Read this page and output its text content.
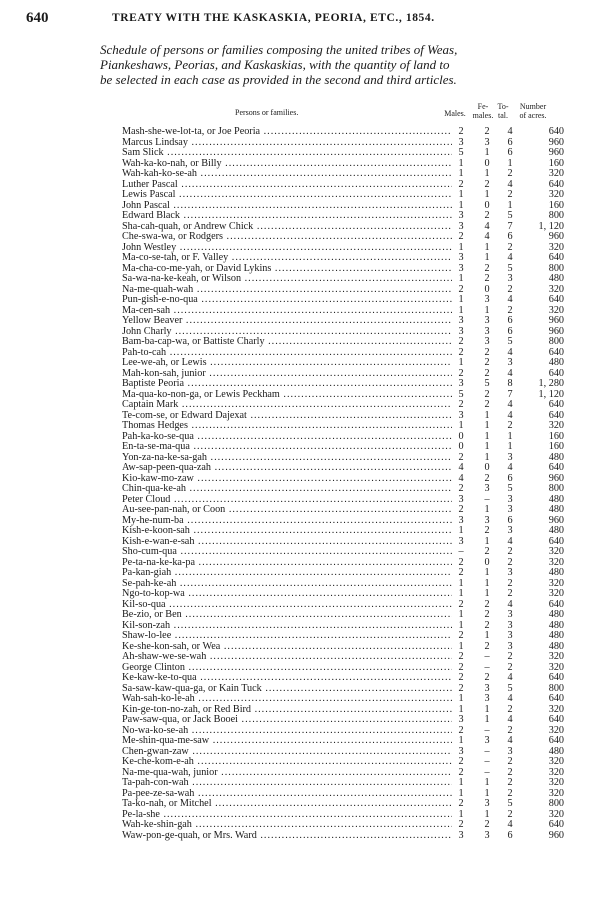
640	TREATY WITH THE KASKASKIA, PEORIA, ETC., 1854.
Schedule of persons or families composing the united tribes of Weas,
Piankeshaws, Peorias, and Kaskaskias, with the quantity of land to
be selected in each case as provided in the second and third articles.
Persons or families.	Males.
Fe-
males.
To-
tal.
Number
of acres.
Mash-she-we-lot-ta, or Joe Peoria .....	2	2	4	640
Marcus Lindsay .....	3	3	6	960
Sam Slick .....	5	1	6	960
Wah-ka-ko-nah, or Billy .....	1	0	1	160
Wah-kah-ko-se-ah .....	1	1	2	320
Luther Pascal .....	2	2	4	640
Lewis Pascal .....	1	1	2	320
John Pascal .....	1	0	1	160
Edward Black .....	3	2	5	800
Sha-cah-quah, or Andrew Chick .....	3	4	7	1, 120
Che-swa-wa, or Rodgers .....	2	4	6	960
John Westley .....	1	1	2	320
Ma-co-se-tah, or F. Valley .....	3	1	4	640
Ma-cha-co-me-yah, or David Lykins .....	3	2	5	800
Sa-wa-na-ke-keah, or Wilson .....	1	2	3	480
Na-me-quah-wah .....	2	0	2	320
Pun-gish-e-no-qua .....	1	3	4	640
Ma-cen-sah .....	1	1	2	320
Yellow Beaver .....	3	3	6	960
John Charly .....	3	3	6	960
Bam-ba-cap-wa, or Battiste Charly .....	2	3	5	800
Pah-to-cah .....	2	2	4	640
Lee-we-ah, or Lewis .....	1	2	3	480
Mah-kon-sah, junior .....	2	2	4	640
Baptiste Peoria .....	3	5	8	1, 280
Ma-qua-ko-non-ga, or Lewis Peckham .....	5	2	7	1, 120
Captain Mark .....	2	2	4	640
Te-com-se, or Edward Dajexat .....	3	1	4	640
Thomas Hedges .....	1	1	2	320
Pah-ka-ko-se-qua .....	0	1	1	160
En-ta-se-ma-qua .....	0	1	1	160
Yon-za-na-ke-sa-gah .....	2	1	3	480
Aw-sap-peen-qua-zah .....	4	0	4	640
Kio-kaw-mo-zaw .....	4	2	6	960
Chin-qua-ke-ah .....	2	3	5	800
Peter Cloud .....	3	–	3	480
Au-see-pan-nah, or Coon .....	2	1	3	480
My-he-num-ba .....	3	3	6	960
Kish-e-koon-sah .....	1	2	3	480
Kish-e-wan-e-sah .....	3	1	4	640
Sho-cum-qua .....	–	2	2	320
Pe-ta-na-ke-ka-pa .....	2	0	2	320
Pa-kan-giah .....	2	1	3	480
Se-pah-ke-ah .....	1	1	2	320
Ngo-to-kop-wa .....	1	1	2	320
Kil-so-qua .....	2	2	4	640
Be-zio, or Ben .....	1	2	3	480
Kil-son-zah .....	1	2	3	480
Shaw-lo-lee .....	2	1	3	480
Ke-she-kon-sah, or Wea .....	1	2	3	480
Ah-shaw-we-se-wah .....	2	–	2	320
George Clinton .....	2	–	2	320
Ke-kaw-ke-to-qua .....	2	2	4	640
Sa-saw-kaw-qua-ga, or Kain Tuck .....	2	3	5	800
Wah-sah-ko-le-ah .....	1	3	4	640
Kin-ge-ton-no-zah, or Red Bird .....	1	1	2	320
Paw-saw-qua, or Jack Booei .....	3	1	4	640
No-wa-ko-se-ah .....	2	–	2	320
Me-shin-qua-me-saw .....	1	3	4	640
Chen-gwan-zaw .....	3	–	3	480
Ke-che-kom-e-ah .....	2	–	2	320
Na-me-qua-wah, junior .....	2	–	2	320
Ta-pah-con-wah .....	1	1	2	320
Pa-pee-ze-sa-wah .....	1	1	2	320
Ta-ko-nah, or Mitchel .....	2	3	5	800
Pe-la-she .....	1	1	2	320
Wah-ke-shin-gah .....	2	2	4	640
Waw-pon-ge-quah, or Mrs. Ward .....	3	3	6	960
